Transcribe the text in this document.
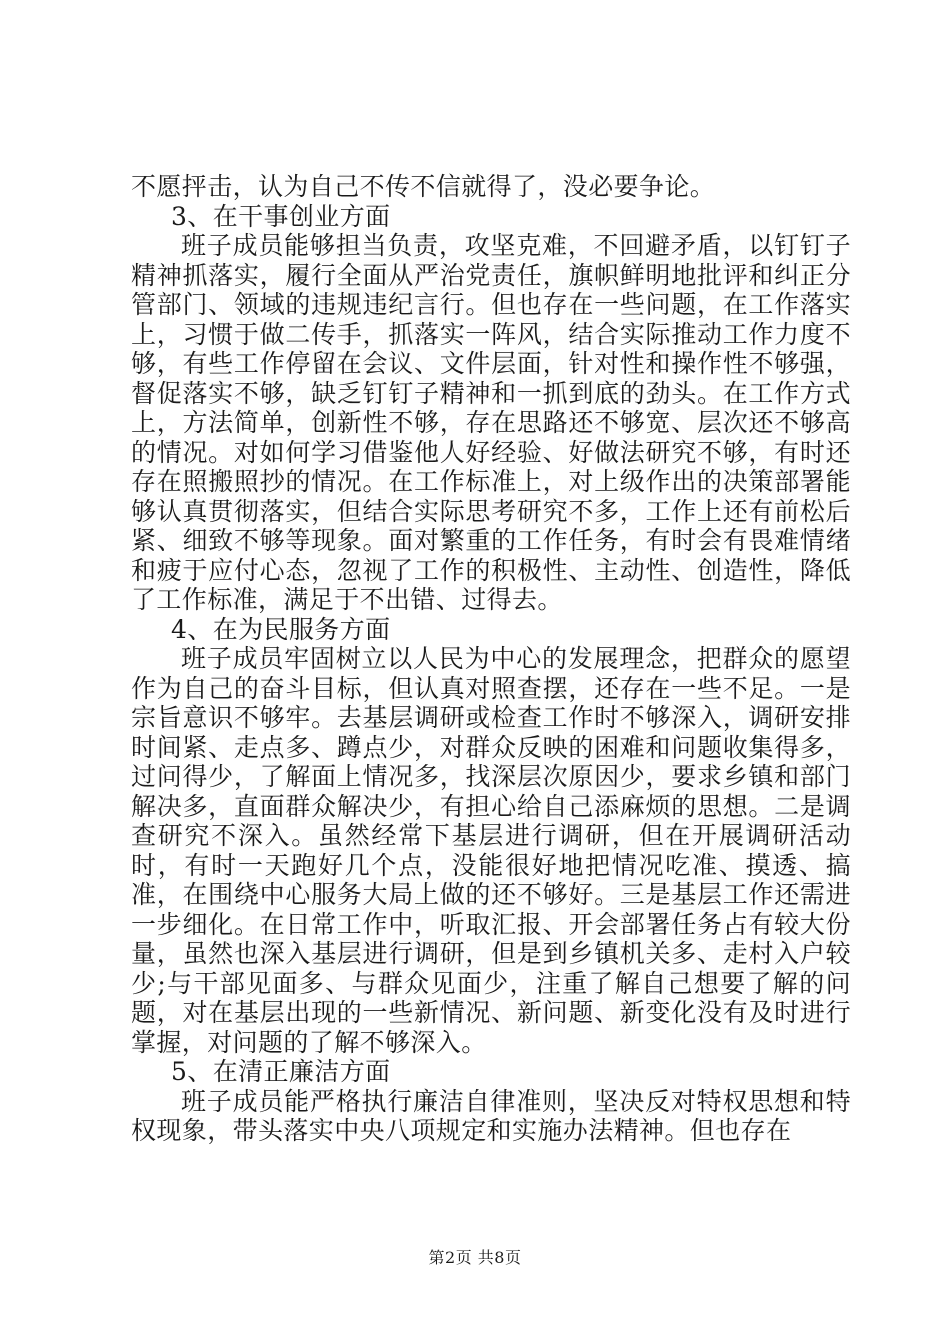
不愿抨击，认为自己不传不信就得了，没必要争论。

3、在干事创业方面

班子成员能够担当负责，攻坚克难，不回避矛盾，以钉钉子精神抓落实，履行全面从严治党责任，旗帜鲜明地批评和纠正分管部门、领域的违规违纪言行。但也存在一些问题，在工作落实上，习惯于做二传手，抓落实一阵风，结合实际推动工作力度不够，有些工作停留在会议、文件层面，针对性和操作性不够强，督促落实不够，缺乏钉钉子精神和一抓到底的劲头。在工作方式上，方法简单，创新性不够，存在思路还不够宽、层次还不够高的情况。对如何学习借鉴他人好经验、好做法研究不够，有时还存在照搬照抄的情况。在工作标准上，对上级作出的决策部署能够认真贯彻落实，但结合实际思考研究不多，工作上还有前松后紧、细致不够等现象。面对繁重的工作任务，有时会有畏难情绪和疲于应付心态，忽视了工作的积极性、主动性、创造性，降低了工作标准，满足于不出错、过得去。

4、在为民服务方面

班子成员牢固树立以人民为中心的发展理念，把群众的愿望作为自己的奋斗目标，但认真对照查摆，还存在一些不足。一是宗旨意识不够牢。去基层调研或检查工作时不够深入，调研安排时间紧、走点多、蹲点少，对群众反映的困难和问题收集得多，过问得少，了解面上情况多，找深层次原因少，要求乡镇和部门解决多，直面群众解决少，有担心给自己添麻烦的思想。二是调查研究不深入。虽然经常下基层进行调研，但在开展调研活动时，有时一天跑好几个点，没能很好地把情况吃准、摸透、搞准，在围绕中心服务大局上做的还不够好。三是基层工作还需进一步细化。在日常工作中，听取汇报、开会部署任务占有较大份量，虽然也深入基层进行调研，但是到乡镇机关多、走村入户较少;与干部见面多、与群众见面少，注重了解自己想要了解的问题，对在基层出现的一些新情况、新问题、新变化没有及时进行掌握，对问题的了解不够深入。

5、在清正廉洁方面

班子成员能严格执行廉洁自律准则，坚决反对特权思想和特权现象，带头落实中央八项规定和实施办法精神。但也存在

第2页 共8页
